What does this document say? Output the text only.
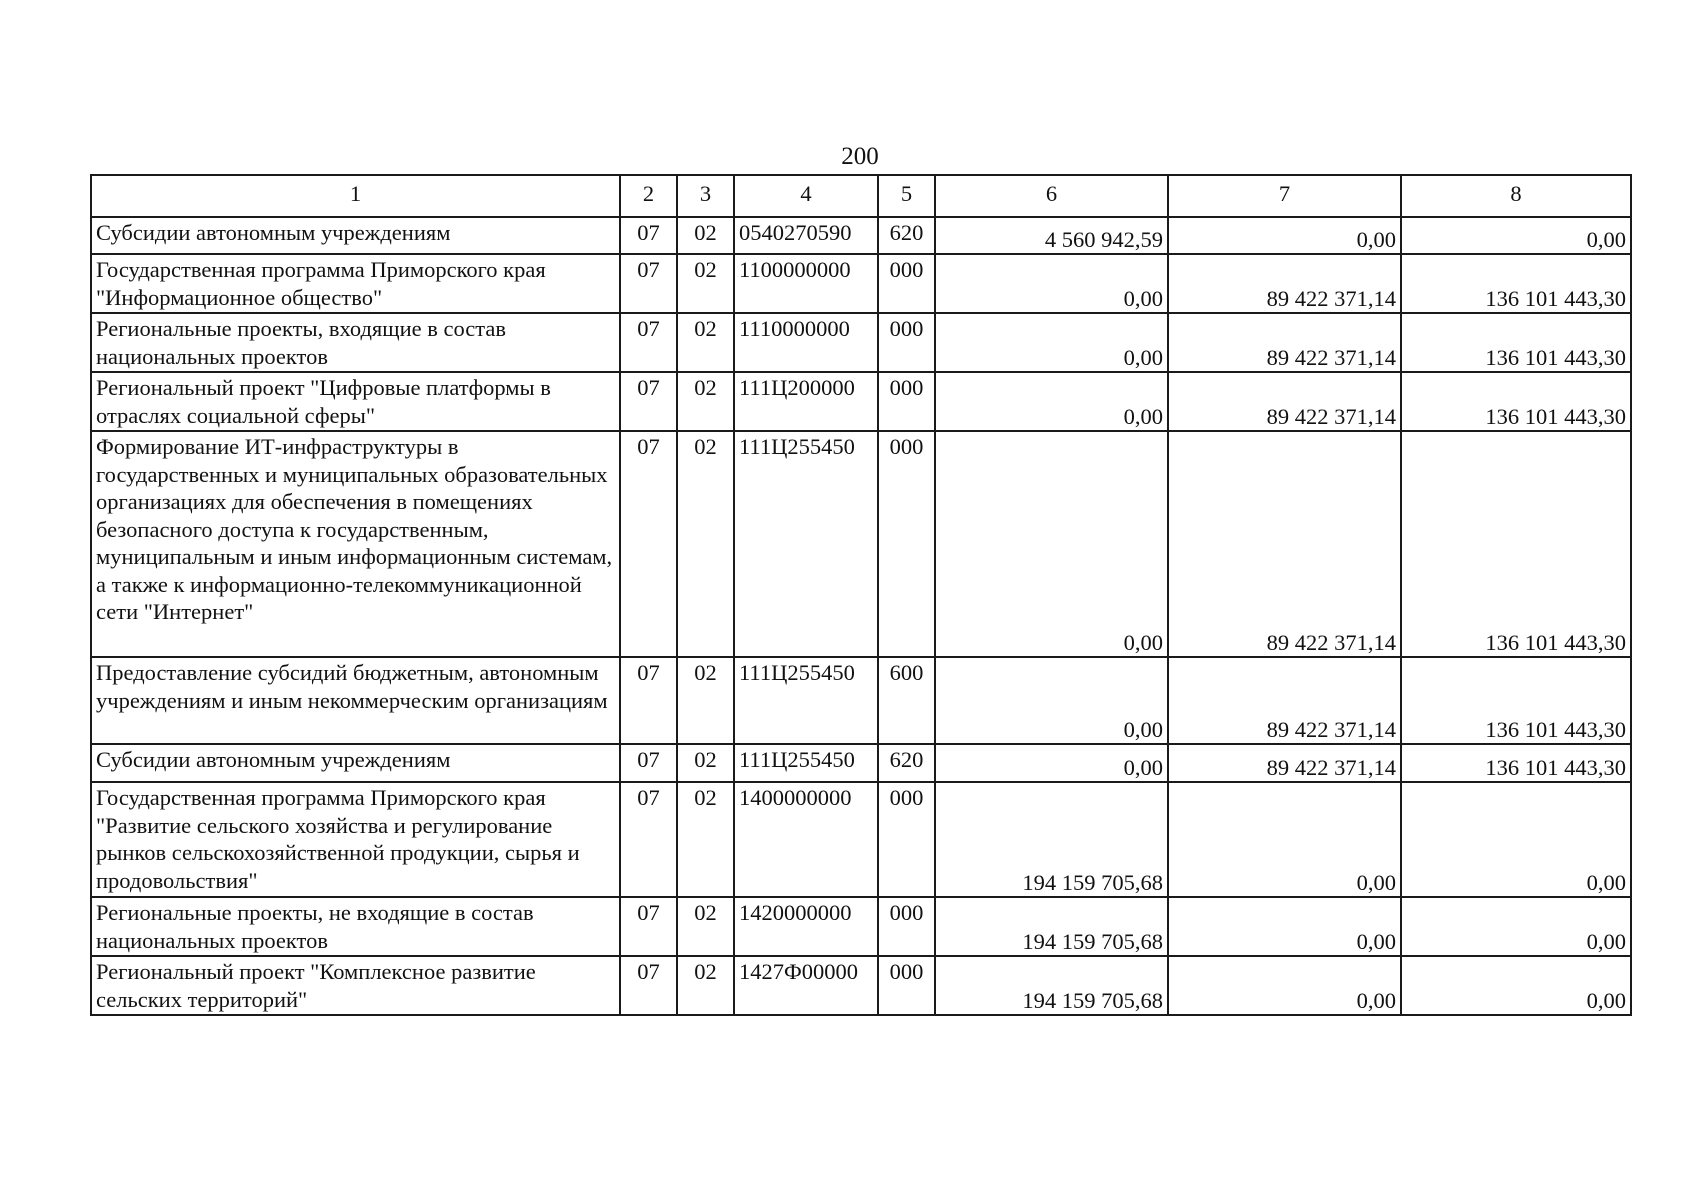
200
1	2	3	4	5	6	7	8
Субсидии автономным учреждениям	07	02	0540270590	620	4 560 942,59	0,00	0,00
Государственная программа Приморского края "Информационное общество"	07	02	1100000000	000	0,00	89 422 371,14	136 101 443,30
Региональные проекты, входящие в состав национальных проектов	07	02	1110000000	000	0,00	89 422 371,14	136 101 443,30
Региональный проект "Цифровые платформы в отраслях социальной сферы"	07	02	111Ц200000	000	0,00	89 422 371,14	136 101 443,30
Формирование ИТ-инфраструктуры в государственных и муниципальных образовательных организациях для обеспечения в помещениях безопасного доступа к государственным, муниципальным и иным информационным системам, а также к информационно-телекоммуникационной сети "Интернет"	07	02	111Ц255450	000	0,00	89 422 371,14	136 101 443,30
Предоставление субсидий бюджетным, автономным учреждениям и иным некоммерческим организациям	07	02	111Ц255450	600	0,00	89 422 371,14	136 101 443,30
Субсидии автономным учреждениям	07	02	111Ц255450	620	0,00	89 422 371,14	136 101 443,30
Государственная программа Приморского края "Развитие сельского хозяйства и регулирование рынков сельскохозяйственной продукции, сырья и продовольствия"	07	02	1400000000	000	194 159 705,68	0,00	0,00
Региональные проекты, не входящие в состав национальных проектов	07	02	1420000000	000	194 159 705,68	0,00	0,00
Региональный проект "Комплексное развитие сельских территорий"	07	02	1427Ф00000	000	194 159 705,68	0,00	0,00
